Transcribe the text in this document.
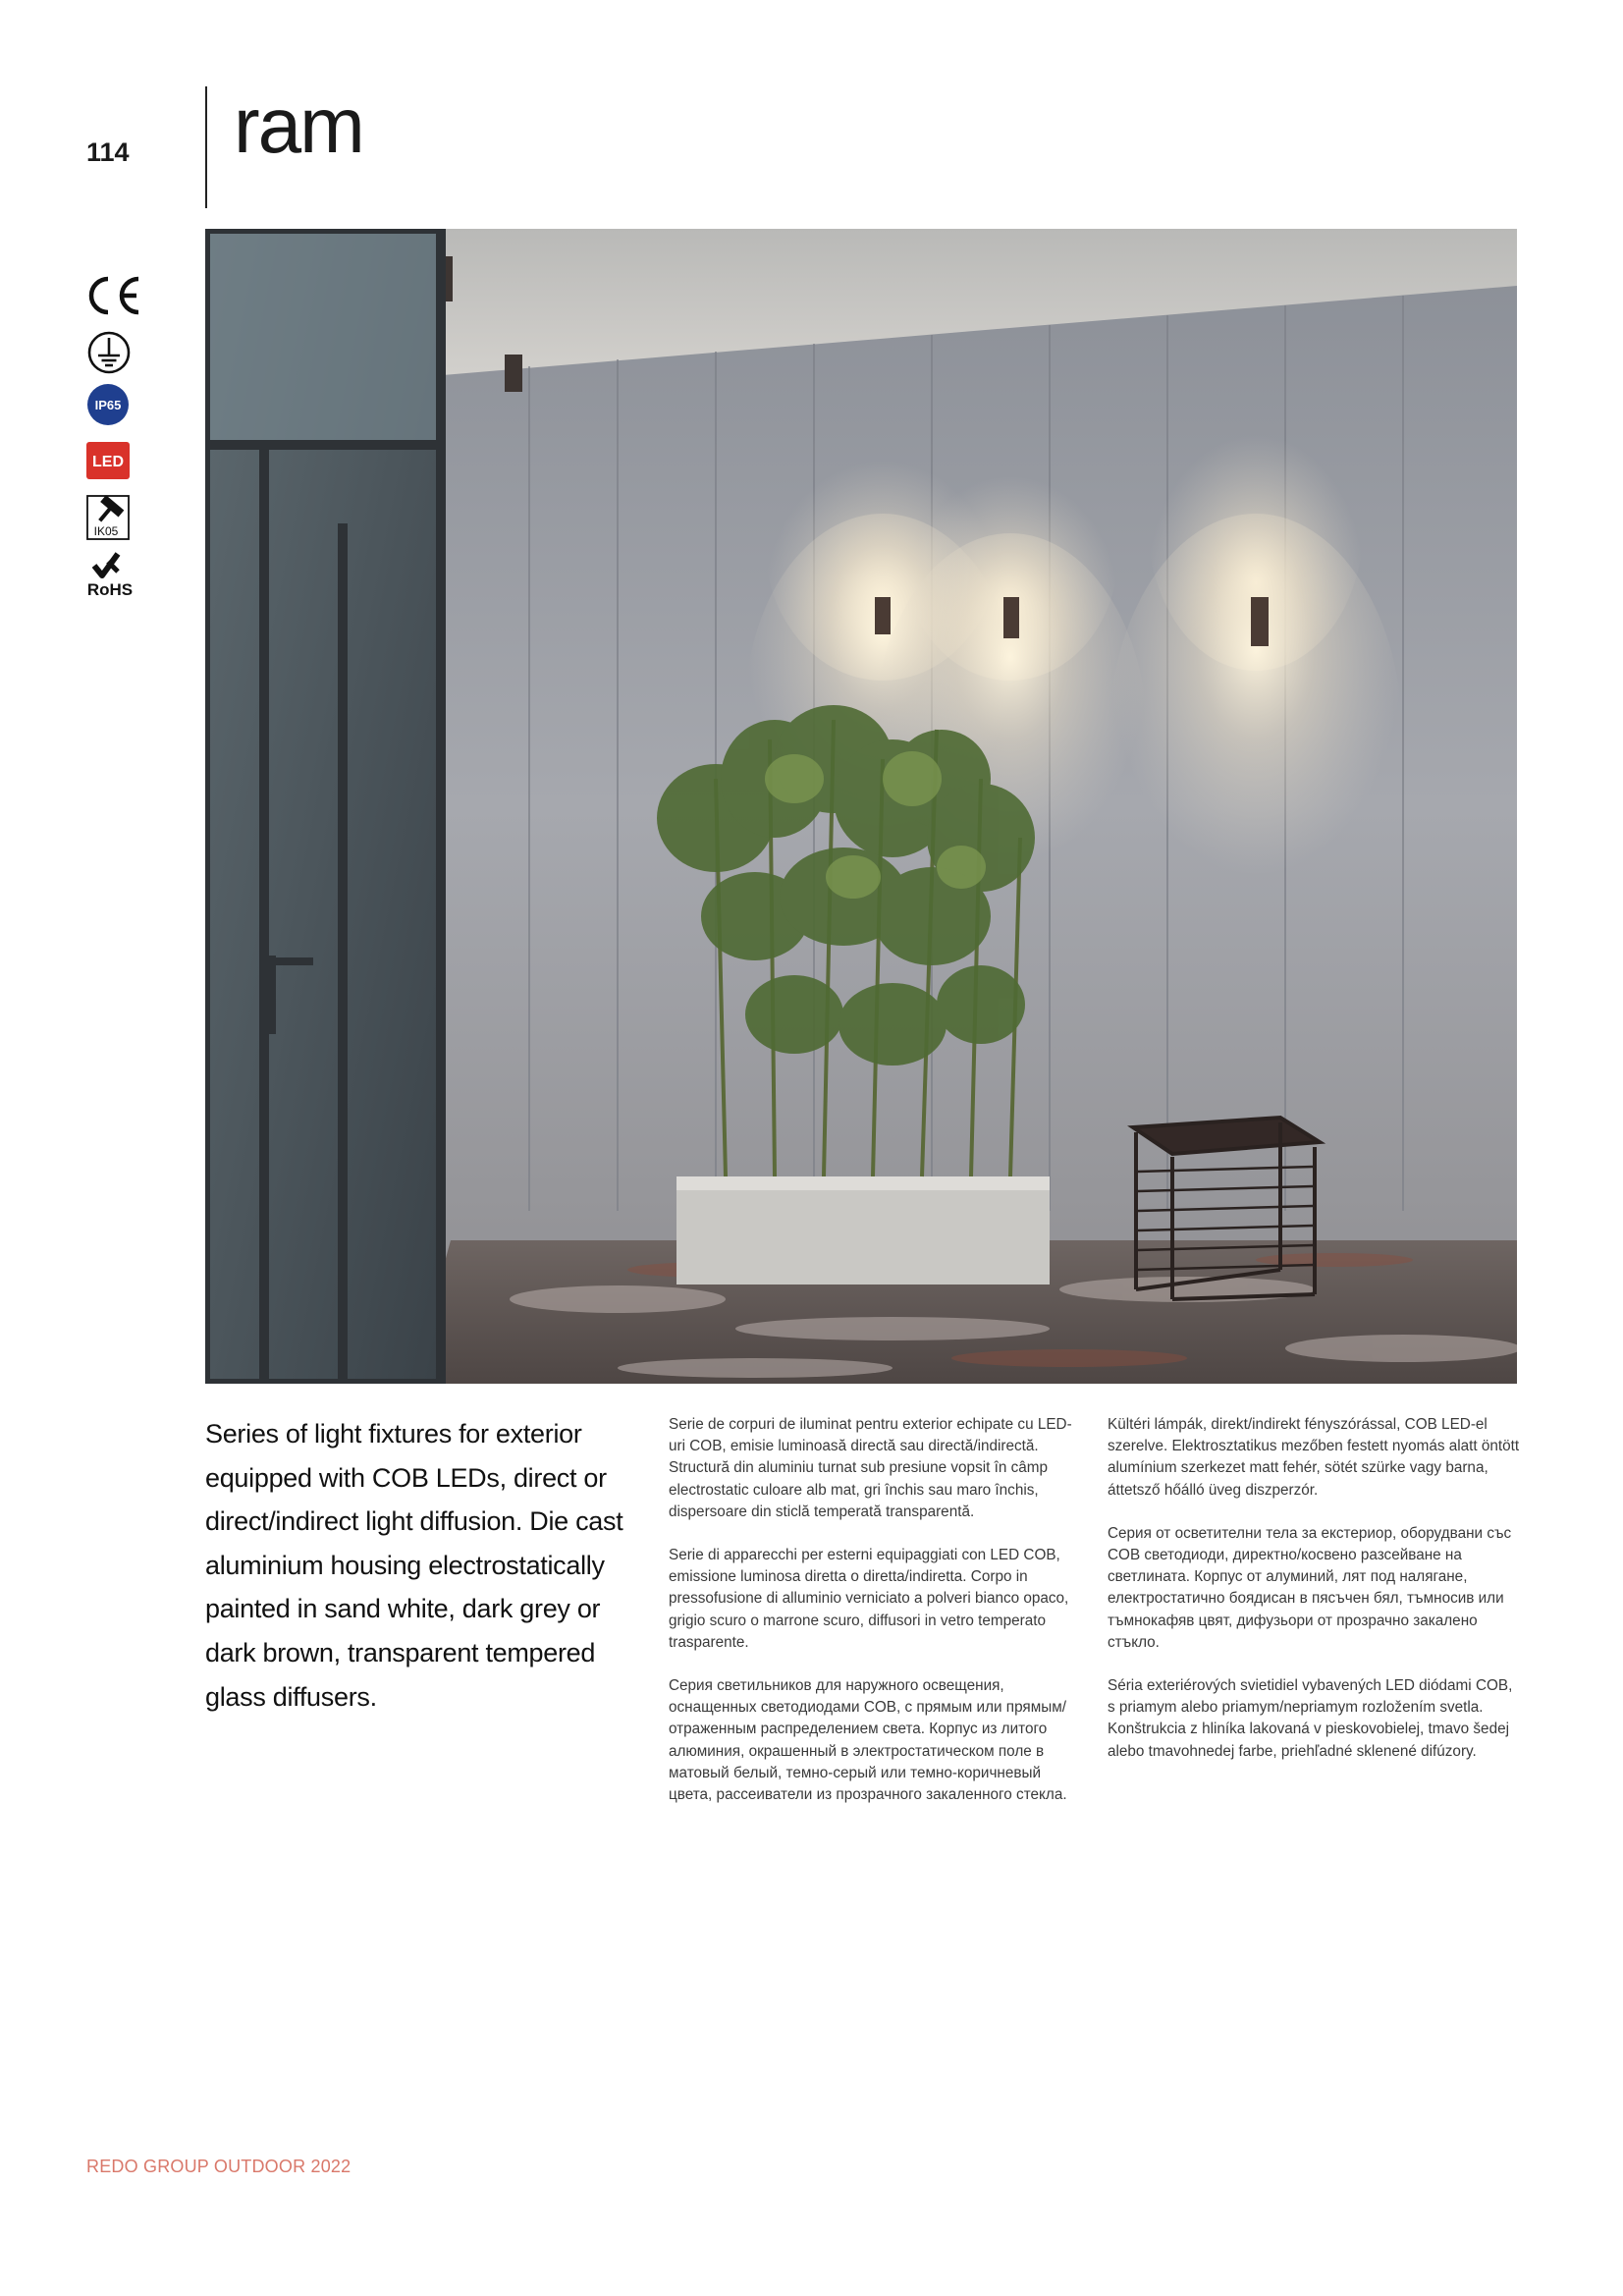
114 ram
IP65
LED
IK05
RoHS
Series of light fixtures for exterior equipped with COB LEDs, direct or direct/indirect light diffusion. Die cast aluminium housing electrostatically painted in sand white, dark grey or dark brown, transparent tempered glass diffusers.

Serie de corpuri de iluminat pentru exterior echipate cu LED-uri COB, emisie luminoasă directă sau directă/indirectă. Structură din aluminiu turnat sub presiune vopsit în câmp electrostatic culoare alb mat, gri închis sau maro închis, dispersoare din sticlă temperată transparentă.

Serie di apparecchi per esterni equipaggiati con LED COB, emissione luminosa diretta o diretta/indiretta. Corpo in pressofusione di alluminio verniciato a polveri bianco opaco, grigio scuro o marrone scuro, diffusori in vetro temperato trasparente.

Серия светильников для наружного освещения, оснащенных светодиодами COB, с прямым или прямым/отраженным распределением света. Корпус из литого алюминия, окрашенный в электростатическом поле в матовый белый, темно-серый или темно-коричневый цвета, рассеиватели из прозрачного закаленного стекла.

Kültéri lámpák, direkt/indirekt fényszórással, COB LED-el szerelve. Elektrosztatikus mezőben festett nyomás alatt öntött alumínium szerkezet matt fehér, sötét szürke vagy barna, áttetsző hőálló üveg diszperzór.

Серия от осветителни тела за екстериор, оборудвани със COB светодиоди, директно/косвено разсейване на светлината. Корпус от алуминий, лят под налягане, електростатично боядисан в пясъчен бял, тъмносив или тъмнокафяв цвят, дифузьори от прозрачно закалено стъкло.

Séria exteriérových svietidiel vybavených LED diódami COB, s priamym alebo priamym/nepriamym rozložením svetla. Konštrukcia z hliníka lakovaná v pieskovobielej, tmavo šedej alebo tmavohnedej farbe, priehľadné sklenené difúzory.

REDO GROUP OUTDOOR 2022
